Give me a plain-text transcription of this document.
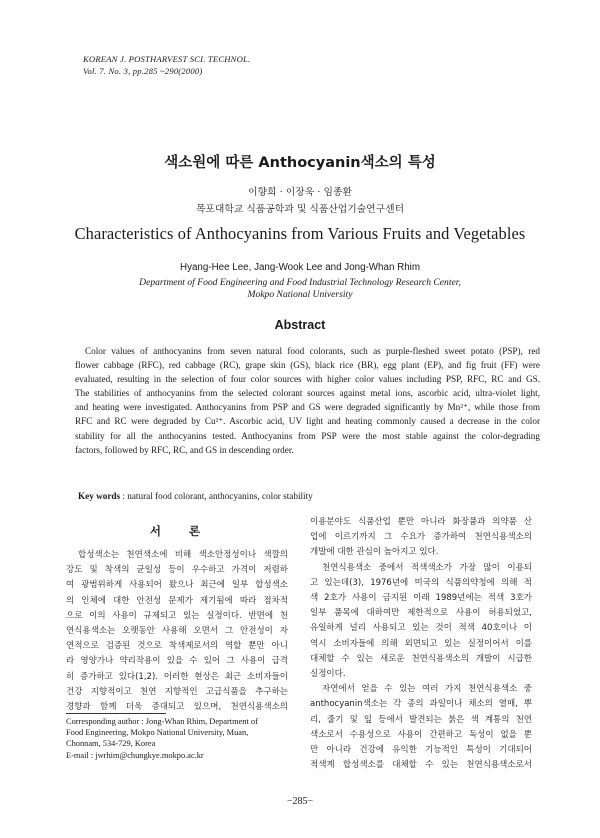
KOREAN J. POSTHARVEST SCI. TECHNOL.
Vol. 7. No. 3, pp.285 ~290(2000)
색소원에 따른 Anthocyanin색소의 특성
이향희 · 이장욱 · 임종환
목포대학교 식품공학과 및 식품산업기술연구센터
Characteristics of Anthocyanins from Various Fruits and Vegetables
Hyang-Hee Lee, Jang-Wook Lee and Jong-Whan Rhim
Department of Food Engineering and Food Industrial Technology Research Center,
Mokpo National University
Abstract
Color values of anthocyanins from seven natural food colorants, such as purple-fleshed sweet potato (PSP), red
flower cabbage (RFC), red cabbage (RC), grape skin (GS), black rice (BR), egg plant (EP), and fig fruit (FF) were
evaluated, resulting in the selection of four color sources with higher color values including PSP, RFC, RC and GS.
The stabilities of anthocyanins from the selected colorant sources against metal ions, ascorbic acid, ultra-violet light,
and heating were investigated. Anthocyanins from PSP and GS were degraded significantly by Mn²⁺, while those from
RFC and RC were degraded by Cu²⁺. Ascorbic acid, UV light and heating commonly caused a decrease in the color
stability for all the anthocyanins tested. Anthocyanins from PSP were the most stable against the color-degrading
factors, followed by RFC, RC, and GS in descending order.
Key words : natural food colorant, anthocyanins, color stability
서 론
합성색소는 천연색소에 비해 색소안정성이나 색깔의
강도 및 착색의 균일성 등이 우수하고 가격이 저렴하
여 광범위하게 사용되어 왔으나 최근에 일부 합성색소
의 인체에 대한 안전성 문제가 제기됨에 따라 점차적
으로 이의 사용이 규제되고 있는 실정이다. 반면에 천
연식용색소는 오랫동안 사용해 오면서 그 안전성이 자
연적으로 검증된 것으로 착색제로서의 역할 뿐만 아니
라 영양가나 약리작용이 있을 수 있어 그 사용이 급격
히 증가하고 있다(1,2). 이러한 현상은 최근 소비자들이
건강 지향적이고 천연 지향적인 고급식품을 추구하는
경향과 함께 더욱 증대되고 있으며, 천연식용색소의
이용분야도 식품산업 뿐만 아니라 화장품과 의약품 산
업에 이르기까지 그 수요가 증가하여 천연식용색소의
개발에 대한 관심이 높아지고 있다.
천연식용색소 중에서 적색색소가 가장 많이 이용되
고 있는데(3), 1976년에 미국의 식품의약청에 의해 적
색 2호가 사용이 금지된 이래 1989년에는 적색 3호가
일부 품목에 대하여만 제한적으로 사용이 허용되었고,
유일하게 널리 사용되고 있는 것이 적색 40호이나 이
역시 소비자들에 의해 외면되고 있는 실정이어서 이를
대체할 수 있는 새로운 천연식용색소의 개발이 시급한
실정이다.
자연에서 얻을 수 있는 여러 가지 천연식용색소 중
anthocyanin색소는 각 종의 과일이나 채소의 열매, 뿌
리, 줄기 및 잎 등에서 발견되는 붉은 색 계통의 천연
색소로서 수용성으로 사용이 간편하고 독성이 없을 뿐
만 아니라 건강에 유익한 기능적인 특성이 기대되어
적색계 합성색소를 대체할 수 있는 천연식용색소로서
Corresponding author : Jong-Whan Rhim, Department of
Food Engineering, Mokpo National University, Muan,
Chonnam, 534-729, Korea
E-mail : jwrhim@chungkye.mokpo.ac.kr
−285−
